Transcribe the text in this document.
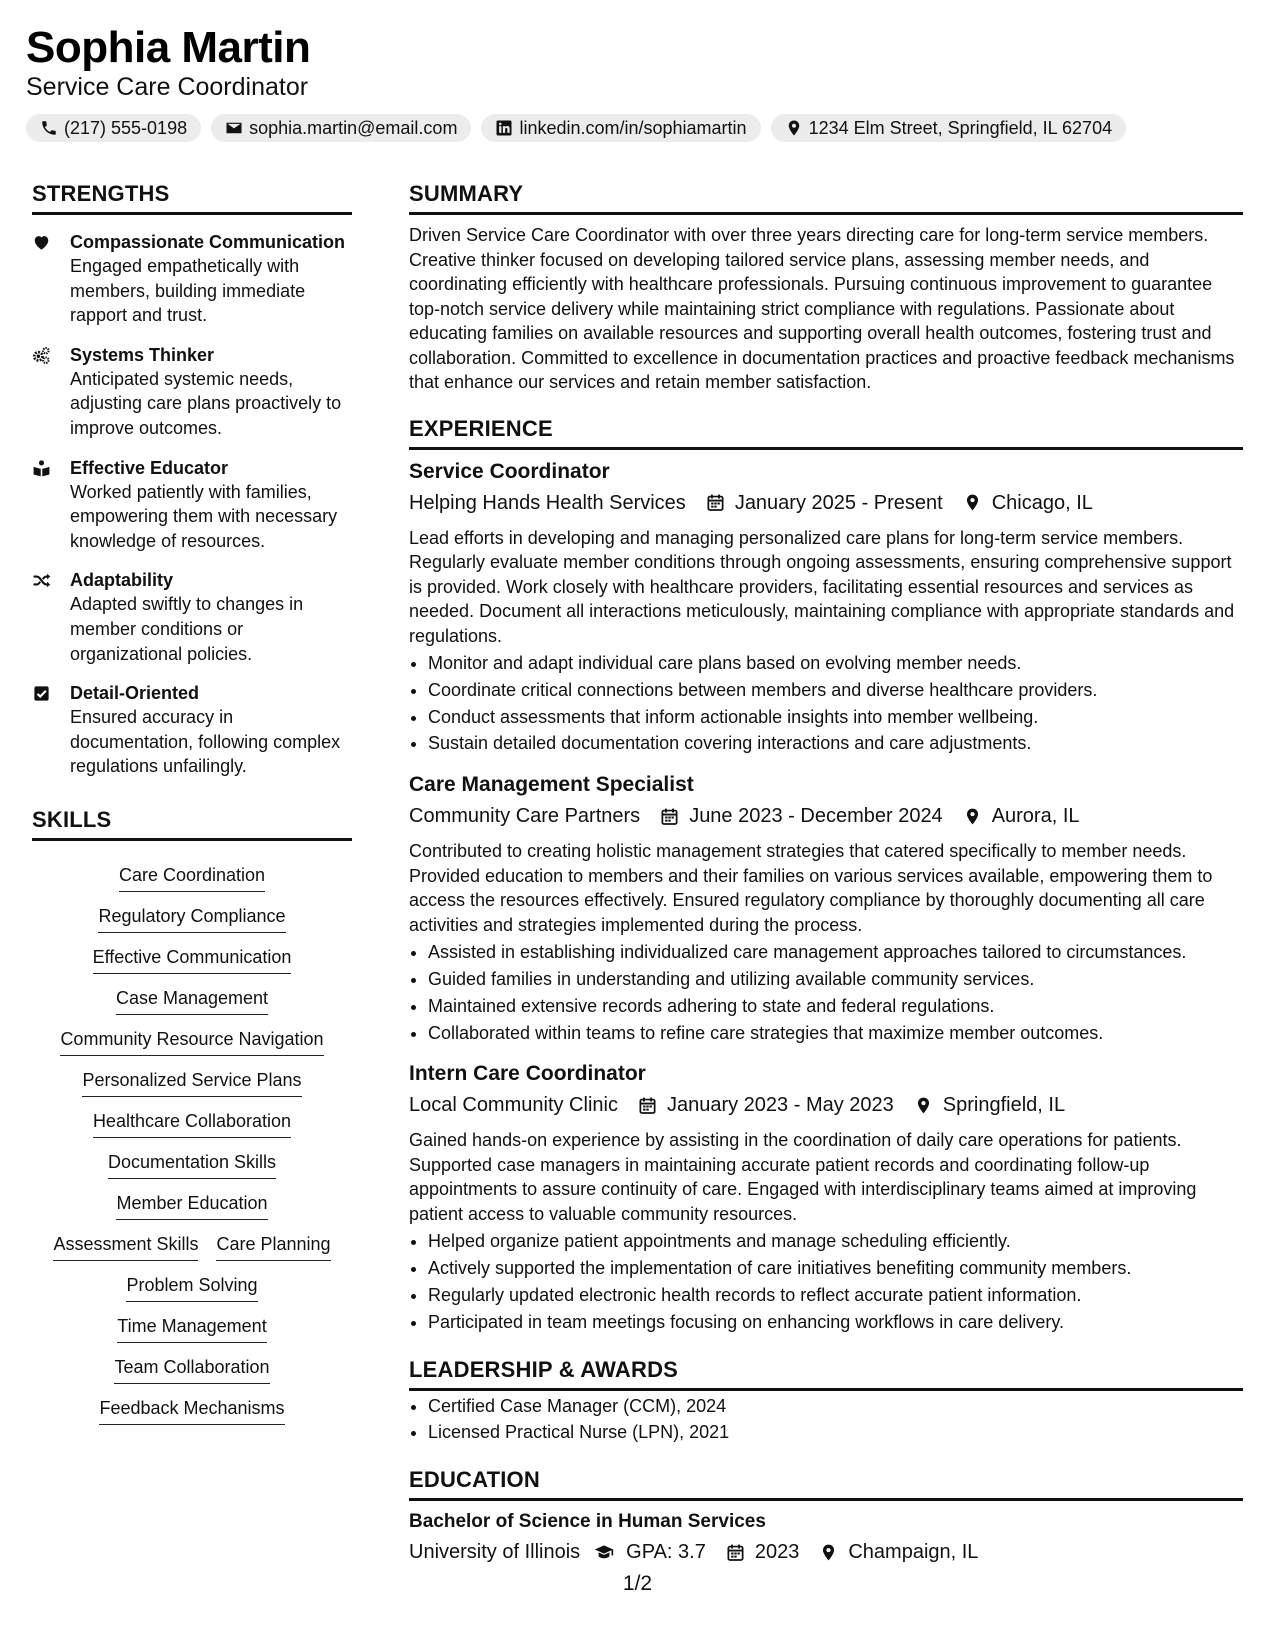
Sophia Martin
Service Care Coordinator
(217) 555-0198	sophia.martin@email.com	linkedin.com/in/sophiamartin	1234 Elm Street, Springfield, IL 62704
STRENGTHS
Compassionate Communication
Engaged empathetically with members, building immediate rapport and trust.
Systems Thinker
Anticipated systemic needs, adjusting care plans proactively to improve outcomes.
Effective Educator
Worked patiently with families, empowering them with necessary knowledge of resources.
Adaptability
Adapted swiftly to changes in member conditions or organizational policies.
Detail-Oriented
Ensured accuracy in documentation, following complex regulations unfailingly.
SKILLS
Care Coordination
Regulatory Compliance
Effective Communication
Case Management
Community Resource Navigation
Personalized Service Plans
Healthcare Collaboration
Documentation Skills
Member Education
Assessment Skills Care Planning
Problem Solving
Time Management
Team Collaboration
Feedback Mechanisms
SUMMARY
Driven Service Care Coordinator with over three years directing care for long-term service members. Creative thinker focused on developing tailored service plans, assessing member needs, and coordinating efficiently with healthcare professionals. Pursuing continuous improvement to guarantee top-notch service delivery while maintaining strict compliance with regulations. Passionate about educating families on available resources and supporting overall health outcomes, fostering trust and collaboration. Committed to excellence in documentation practices and proactive feedback mechanisms that enhance our services and retain member satisfaction.
EXPERIENCE
Service Coordinator
Helping Hands Health Services January 2025 - Present Chicago, IL
Lead efforts in developing and managing personalized care plans for long-term service members. Regularly evaluate member conditions through ongoing assessments, ensuring comprehensive support is provided. Work closely with healthcare providers, facilitating essential resources and services as needed. Document all interactions meticulously, maintaining compliance with appropriate standards and regulations.
• Monitor and adapt individual care plans based on evolving member needs.
• Coordinate critical connections between members and diverse healthcare providers.
• Conduct assessments that inform actionable insights into member wellbeing.
• Sustain detailed documentation covering interactions and care adjustments.
Care Management Specialist
Community Care Partners June 2023 - December 2024 Aurora, IL
Contributed to creating holistic management strategies that catered specifically to member needs. Provided education to members and their families on various services available, empowering them to access the resources effectively. Ensured regulatory compliance by thoroughly documenting all care activities and strategies implemented during the process.
• Assisted in establishing individualized care management approaches tailored to circumstances.
• Guided families in understanding and utilizing available community services.
• Maintained extensive records adhering to state and federal regulations.
• Collaborated within teams to refine care strategies that maximize member outcomes.
Intern Care Coordinator
Local Community Clinic January 2023 - May 2023 Springfield, IL
Gained hands-on experience by assisting in the coordination of daily care operations for patients. Supported case managers in maintaining accurate patient records and coordinating follow-up appointments to assure continuity of care. Engaged with interdisciplinary teams aimed at improving patient access to valuable community resources.
• Helped organize patient appointments and manage scheduling efficiently.
• Actively supported the implementation of care initiatives benefiting community members.
• Regularly updated electronic health records to reflect accurate patient information.
• Participated in team meetings focusing on enhancing workflows in care delivery.
LEADERSHIP & AWARDS
• Certified Case Manager (CCM), 2024
• Licensed Practical Nurse (LPN), 2021
EDUCATION
Bachelor of Science in Human Services
University of Illinois GPA: 3.7 2023 Champaign, IL
1/2
